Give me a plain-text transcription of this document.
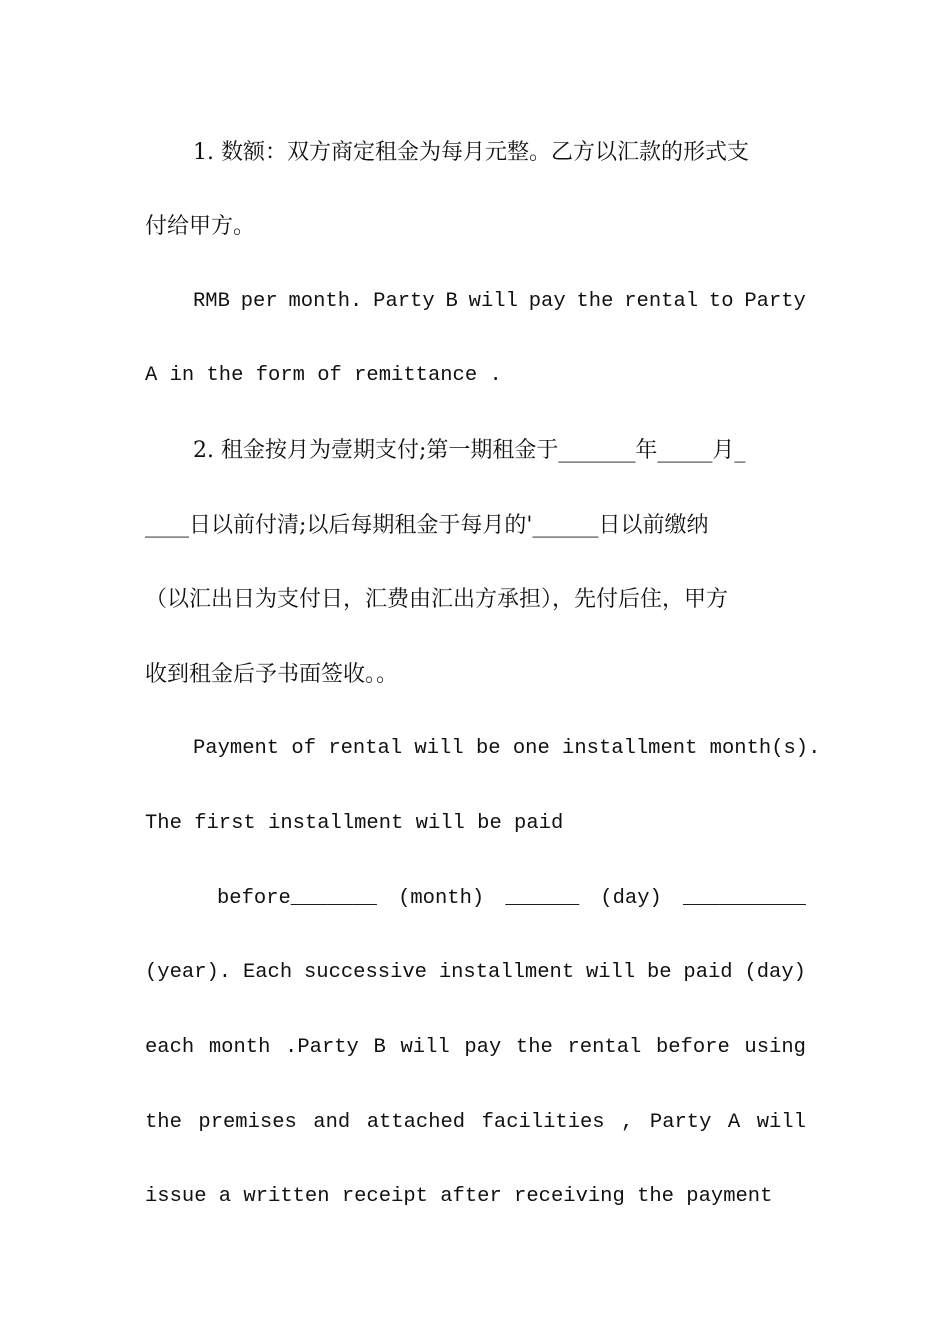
1. 数额：双方商定租金为每月元整。乙方以汇款的形式支
付给甲方。
RMB per month. Party B will pay the rental to Party
A in the form of remittance .
2. 租金按月为壹期支付;第一期租金于_______年_____月_
____日以前付清;以后每期租金于每月的'______日以前缴纳
（以汇出日为支付日，汇费由汇出方承担），先付后住，甲方
收到租金后予书面签收。。
Payment of rental will be one installment month(s).
The first installment will be paid
before_______ (month) ______ (day) __________
(year). Each successive installment will be paid (day)
each month .Party B will pay the rental before using
the premises and attached facilities , Party A will
issue a written receipt after receiving the payment
